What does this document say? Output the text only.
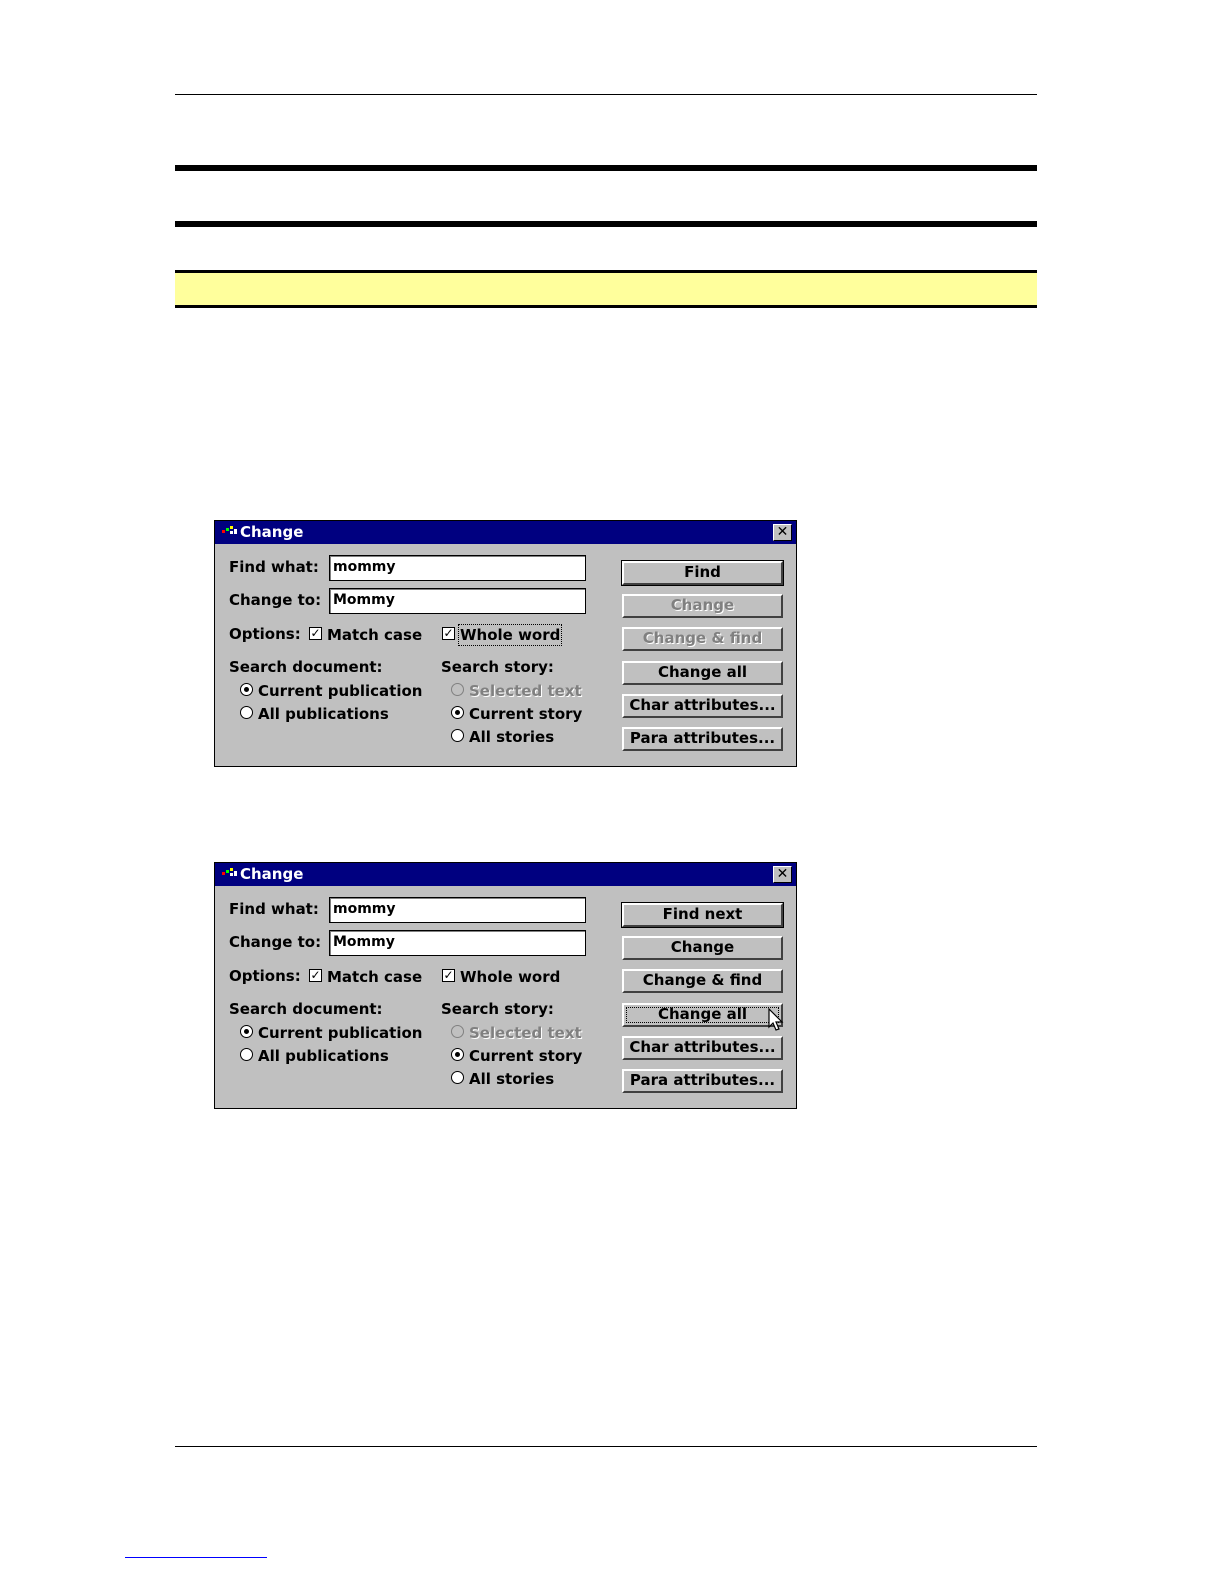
Change	✕
Find what: mommy
Change to: Mommy
Options: ✓ Match case ✓ Whole word
Search document:
Current publication
All publications
Search story:
Selected text
Current story
All stories
Find
Change
Change & find
Change all
Char attributes...
Para attributes...
Change	✕
Find what: mommy
Change to: Mommy
Options: ✓ Match case ✓ Whole word
Search document:
Current publication
All publications
Search story:
Selected text
Current story
All stories
Find next
Change
Change & find
Change all
Char attributes...
Para attributes...
